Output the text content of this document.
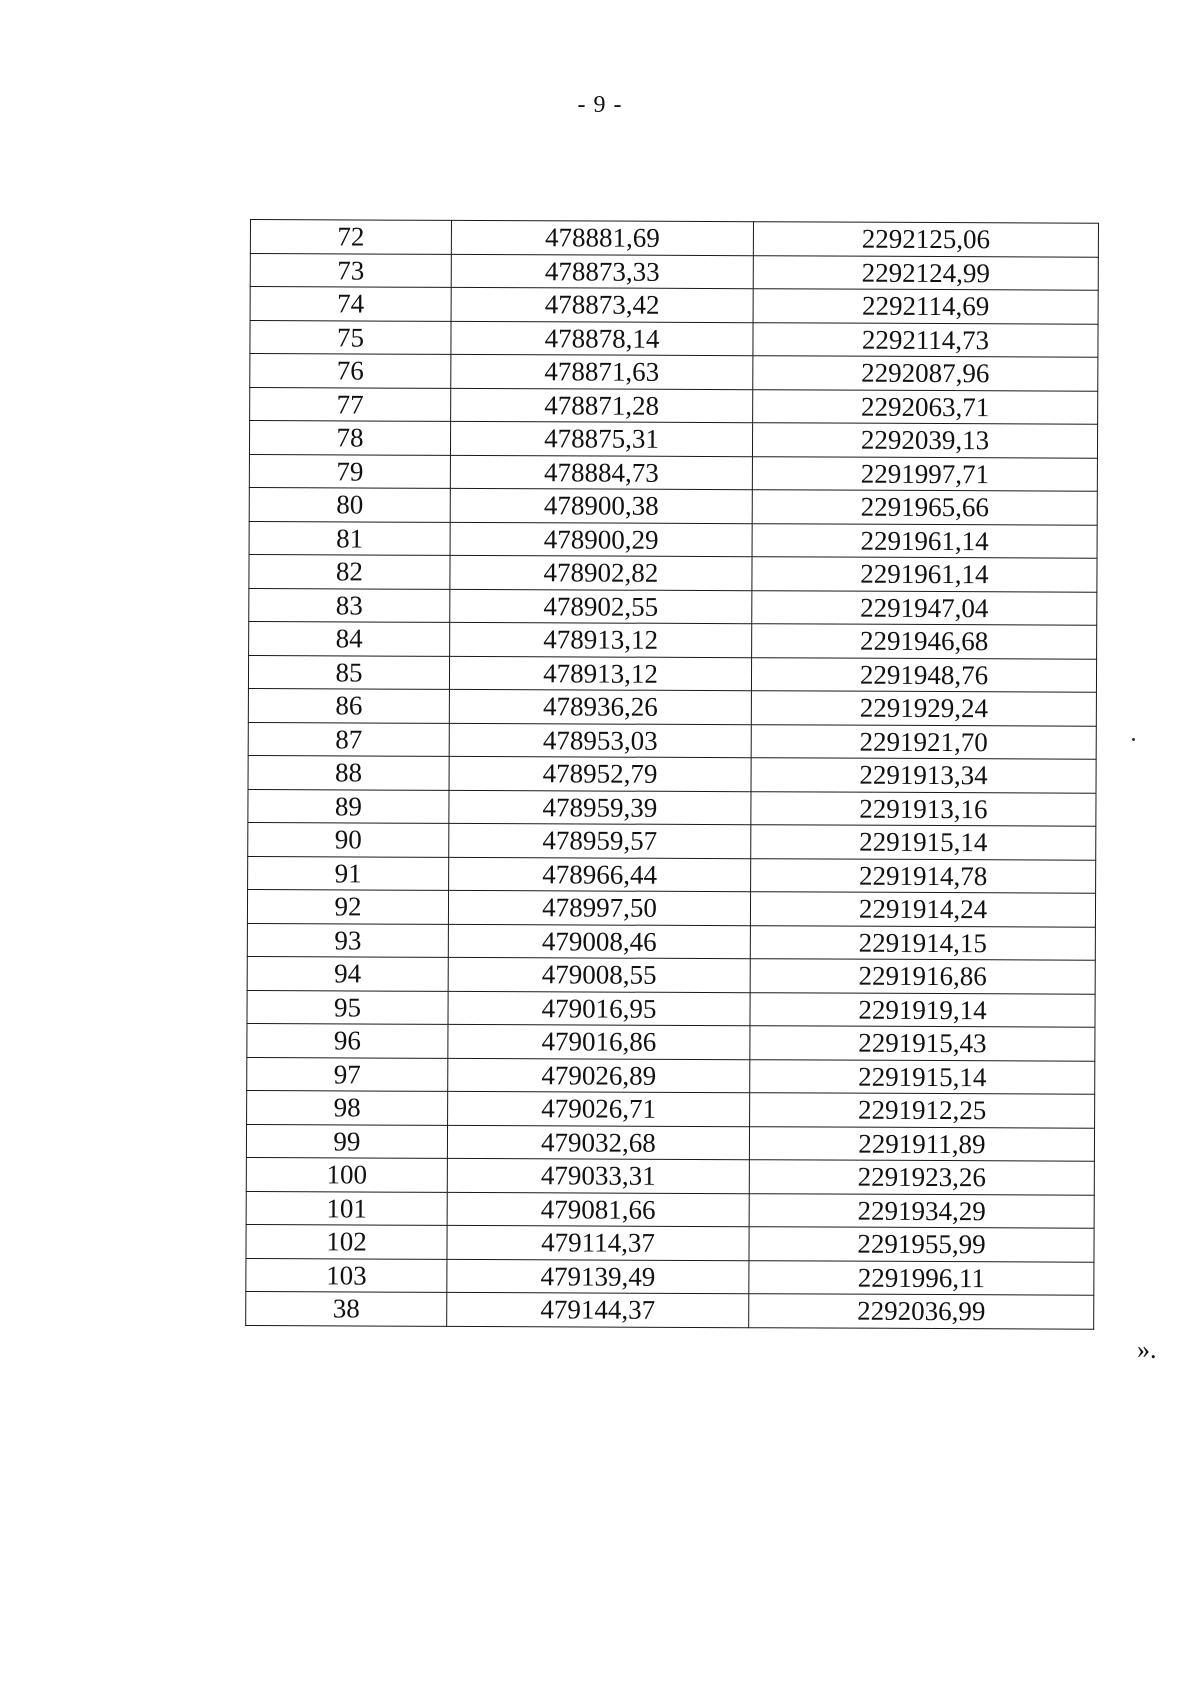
- 9 -
72	478881,69	2292125,06
73	478873,33	2292124,99
74	478873,42	2292114,69
75	478878,14	2292114,73
76	478871,63	2292087,96
77	478871,28	2292063,71
78	478875,31	2292039,13
79	478884,73	2291997,71
80	478900,38	2291965,66
81	478900,29	2291961,14
82	478902,82	2291961,14
83	478902,55	2291947,04
84	478913,12	2291946,68
85	478913,12	2291948,76
86	478936,26	2291929,24
87	478953,03	2291921,70
88	478952,79	2291913,34
89	478959,39	2291913,16
90	478959,57	2291915,14
91	478966,44	2291914,78
92	478997,50	2291914,24
93	479008,46	2291914,15
94	479008,55	2291916,86
95	479016,95	2291919,14
96	479016,86	2291915,43
97	479026,89	2291915,14
98	479026,71	2291912,25
99	479032,68	2291911,89
100	479033,31	2291923,26
101	479081,66	2291934,29
102	479114,37	2291955,99
103	479139,49	2291996,11
38	479144,37	2292036,99
».
